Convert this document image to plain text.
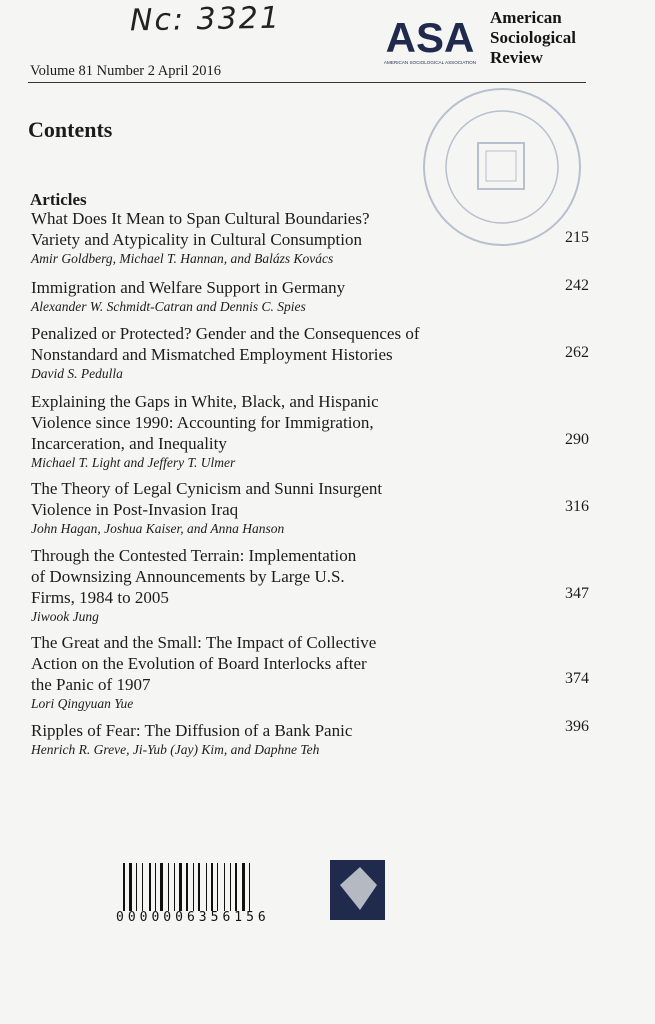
Nc: 3321 ASA
AMERICAN SOCIOLOGICAL ASSOCIATION
American
Sociological
Review
Volume 81 Number 2 April 2016
Contents
Articles
What Does It Mean to Span Cultural Boundaries?
Variety and Atypicality in Cultural Consumption
Amir Goldberg, Michael T. Hannan, and Balázs Kovács
215
Immigration and Welfare Support in Germany
Alexander W. Schmidt-Catran and Dennis C. Spies
242
Penalized or Protected? Gender and the Consequences of
Nonstandard and Mismatched Employment Histories
David S. Pedulla
262
Explaining the Gaps in White, Black, and Hispanic
Violence since 1990: Accounting for Immigration,
Incarceration, and Inequality
Michael T. Light and Jeffery T. Ulmer
290
The Theory of Legal Cynicism and Sunni Insurgent
Violence in Post-Invasion Iraq
John Hagan, Joshua Kaiser, and Anna Hanson
316
Through the Contested Terrain: Implementation
of Downsizing Announcements by Large U.S.
Firms, 1984 to 2005
Jiwook Jung
347
The Great and the Small: The Impact of Collective
Action on the Evolution of Board Interlocks after
the Panic of 1907
Lori Qingyuan Yue
374
Ripples of Fear: The Diffusion of a Bank Panic
Henrich R. Greve, Ji-Yub (Jay) Kim, and Daphne Teh
396
0000006356156
